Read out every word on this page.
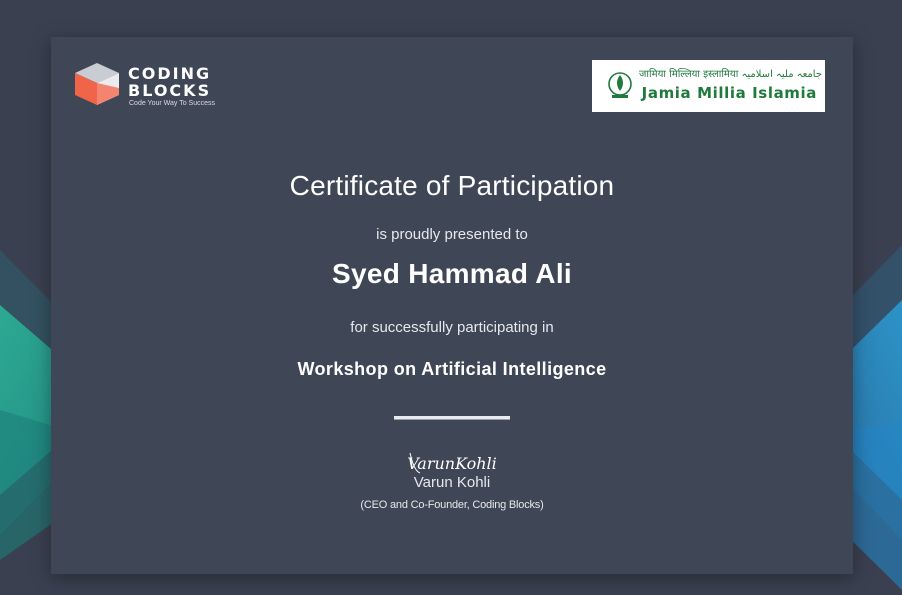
CODING
BLOCKS
Code Your Way To Success
जामिया मिल्लिया इस्लामिया جامعہ ملیہ اسلامیہ
Jamia Millia Islamia
Certificate of Participation
is proudly presented to
Syed Hammad Ali
for successfully participating in
Workshop on Artificial Intelligence
VarunKohli
Varun Kohli
(CEO and Co-Founder, Coding Blocks)
